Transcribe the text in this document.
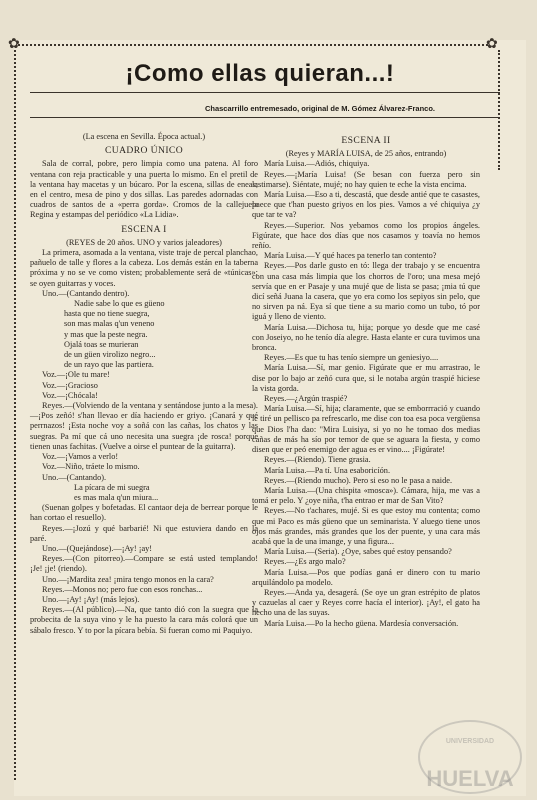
✿	✿
¡Como ellas quieran...!
Chascarrillo entremesado, original de M. Gómez Álvarez-Franco.

(La escena en Sevilla. Época actual.)

CUADRO ÚNICO

Sala de corral, pobre, pero limpia como una patena. Al foro ventana con reja practicable y una puerta lo mismo. En el pretil de la ventana hay macetas y un búcaro. Por la escena, sillas de eneas; en el centro, mesa de pino y dos sillas. Las paredes adornadas con cuadros de santos de a «perra gorda». Cromos de la callejuela Regina y estampas del periódico «La Lidia».

ESCENA I

(REYES de 20 años. UNO y varios jaleadores)

La primera, asomada a la ventana, viste traje de percal planchao, pañuelo de talle y flores a la cabeza. Los demás están en la taberna próxima y no se ve como visten; probablemente será de «túnicas»; se oyen guitarras y voces.

Uno.—(Cantando dentro).

Nadie sabe lo que es güeno
hasta que no tiene suegra,
son mas malas q'un veneno
y mas que la peste negra.
Ojalá toas se murieran
de un güen virolizo negro...
de un rayo que las partiera.

Voz.—¡Ole tu mare!

Voz.—¡Gracioso

Voz.—¡Chócala!

Reyes.—(Volviendo de la ventana y sentándose junto a la mesa).—¡Pos zeñó! s'han llevao er día haciendo er griyo. ¡Canará y qué perrnazos! ¡Esta noche voy a soñá con las cañas, los chatos y las suegras. Pa mí que cá uno necesita una suegra ¡de rosca! porque tienen unas fachitas. (Vuelve a oirse el puntear de la guitarra).

Voz.—¡Vamos a verlo!

Voz.—Niño, tráete lo mismo.

Uno.—(Cantando).

La pícara de mi suegra
es mas mala q'un miura...

(Suenan golpes y bofetadas. El cantaor deja de berrear porque le han cortao el resuello).

Reyes.—¡Jozú y qué barbarié! Ni que estuviera dando en la paré.

Uno.—(Quejándose).—¡Ay! ¡ay!

Reyes.—(Con pitorreo).—Compare se está usted templando! ¡Je! ¡je! (riendo).

Uno.—¡Mardita zea! ¡mira tengo monos en la cara?

Reyes.—Monos no; pero fue con esos ronchas...

Uno.—¡Ay! ¡Ay! (más lejos).

Reyes.—(Al público).—Na, que tanto dió con la suegra que la probecita de la suya vino y le ha puesto la cara más colorá que un sábalo fresco. Y to por la pícara bebía. Si fueran como mi Paquiyo.

ESCENA II

(Reyes y MARÍA LUISA, de 25 años, entrando)

María Luisa.—Adiós, chiquiya.

Reyes.—¡María Luisa! (Se besan con fuerza pero sin lastimarse). Siéntate, mujé; no hay quien te eche la vista encima.

María Luisa.—Eso a ti, descastá, que desde antié que te casastes, paece que t'han puesto griyos en los pies. Vamos a vé chiquiya ¿y que tar te va?

Reyes.—Superior. Nos yebamos como los propios ángeles. Figúrate, que hace dos días que nos casamos y toavía no hemos reñío.

María Luisa.—Y qué haces pa tenerlo tan contento?

Reyes.—Pos darle gusto en tó: llega der trabajo y se encuentra con una casa más limpia que los chorros de l'oro; una mesa mejó servía que en er Pasaje y una mujé que de lista se pasa; ¡mia tú que dicí señá Juana la casera, que yo era como los sepiyos sin pelo, que no sirven pa ná. Eya sí que tiene a su mario como un tubo, tó por iguá y lleno de viento.

María Luisa.—Dichosa tu, hija; porque yo desde que me casé con Joseiyo, no he tenío día alegre. Hasta elante er cura tuvimos una bronca.

Reyes.—Es que tu has tenío siempre un geniesiyo....

María Luisa.—Sí, mar genio. Figúrate que er mu arrastrao, le dise por lo bajo ar zeñó cura que, si le notaba argún traspié hiciese la vista gorda.

Reyes.—¿Argún traspié?

María Luisa.—Sí, hija; claramente, que se emborrració y cuando le tiré un pellisco pa refrescarlo, me dise con toa esa poca vergüensa que Dios l'ha dao: "Mira Luisiya, si yo no he tomao dos medias cañas de más ha sío por temor de que se aguara la fiesta, y como disen que er peó enemigo der agua es er vino.... ¡Figúrate!

Reyes.—(Riendo). Tiene grasia.

María Luisa.—Pa tí. Una esaboricíón.

Reyes.—(Riendo mucho). Pero si eso no le pasa a naide.

María Luisa.—(Una chispita «mosca»). Cámara, hija, me vas a tomá er pelo. Y ¿oye niña, t'ha entrao er mar de San Vito?

Reyes.—No t'achares, mujé. Si es que estoy mu contenta; como que mi Paco es más güeno que un seminarista. Y aluego tiene unos ojos más grandes, más grandes que los der puente, y una cara más acabá que la de una imange, y una figura...

María Luisa.—(Seria). ¿Oye, sabes qué estoy pensando?

Reyes.—¿Es argo malo?

María Luisa.—Pos que podías ganá er dinero con tu mario arquilándolo pa modelo.

Reyes.—Anda ya, desagerá. (Se oye un gran estrépito de platos y cazuelas al caer y Reyes corre hacía el interior). ¡Ay!, el gato ha hecho una de las suyas.

María Luisa.—Po la hecho güena. Mardesía conversación.

UNIVERSIDAD
HUELVA
